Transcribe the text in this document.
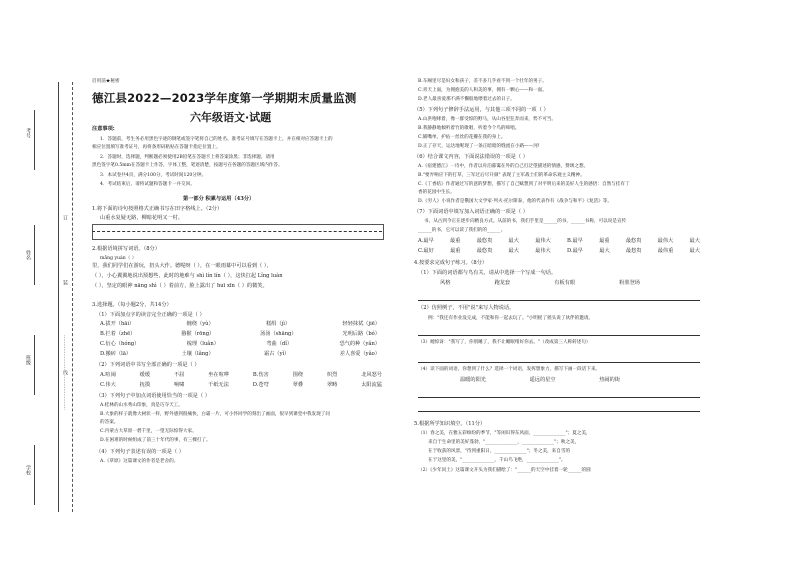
考号
姓名
班级
学校
订
装
…………………线…………………
启用前★秘密
德江县2022—2023学年度第一学期期末质量监测
六年级语文·试题
注意事项:
1．答题前，考生务必用黑色字迹的钢笔或签字笔将自己的姓名、准考证号填写在答题卡上，并在相对应答题卡上的
相应位置填写准考证号，再将条形码粘贴在答题卡指定位置上。
2．答题时，选择题，判断题必须使用2B铅笔在答题卡上将答案涂黑；非选择题，请用
黑色签字笔0.5mm在答题卡上作答，字体工整，笔迹清楚，按题号在各题的答题区域内作答。
3．本试卷共4页，满分100分，考试时间120分钟。
4．考试结束后，请将试题和答题卡一并交回。
第一部分 积累与运用（43分）
1.将下面的诗句按照格式正确书写在田字格线上。（2分）
山重水复疑无路，柳暗花明又一村。
2.根据语境拼写词语。（8分）
mǎng yuán（ ）
里，我们同学们在游玩，扭头大作。德呢呀（ ），在一眼雨幕中可以看到（ ），
（ ），小心翼翼地说出预想些，此时的地难与 shì lín lín（ ），这快扛起 Lǐng luàn
（ ），坚定的眼神 nāng shì（ ）着前方，脸上露出了 huī xīn（ ）的微笑。
3.选择题。（每小题2分，共14分）
（1）下面加点字的读音完全正确的一项是（ ）
A.拔开（hāi）	缠绕（yù）	糕绢（jì）	轻轻抹拭（jiē）
B.拦着（zhē）	猕猴（rōng）	汤汤（shāng）	光明后路（bó）
C.衍心（hóng）	梳理（luǎn）	弯曲（dǐ）	恐气的种（yǎn）
D.搬砖（lā）	土壤（lǎng）	霜古（yǐ）	差人喜爱（yǎo）
（2）下列词语中书写全部正确的一项是（ ）
A.喧闹	缓缓	不屈	坐在喧哗	B.伤害	围绕	炽烈	北风怒号
C.伟大	抚摸	响啸	千纸无法	D.苍穹	翠叠	翠畴	太阳流猛
（3）下列句子中加点词语使用恰当的一项是（ ）
A.桂林的山水秀山印象，真是巧夺天工。
B.大象的样子就像大树状一样，野外感到很痛快，白霜一片，可小怀同学的刻出了画面，很早到课堂中我发现了问
的答案。
C.内蒙古大草原一碧千里，一望无际惊得大家。
D.在困难的时候组成了前三十年代的事，有三棵打了。
（4）下列句子表述有误的一项是（ ）
A.《草原》这篇课文的作者是老舍的。
B.车厢里尽是妇女和孩子，差不多几乎看不到一个壮年的男子。
C.青天上面，为拥抱美的人和美的事，拥有一颗心——和一面。
D.老人最喜爱那不满不懈般地喂着过去的日子。
（5）下列句子修辞手法运用，与其他三项不同的一项（ ）
A.山洪咆哮着，像一群受惊的野马，从山谷里狂奔而来，势不可当。
B.我静静地倾听着竹的歌唱，听着今个鸟的啼唱。
C.铺嘴单，护佑一丝丝的花瓣在我的身上。
D.正了存天，运达地呢现了一条正暗暗的缝流在小路——河!
（6）结合课文内容，下面说法错误的一项是（ ）
A.《宿建德江》一诗中，作者以舟泊暮霭在外的自己打泛望描述的情感，赞颂之想。
B."要弄响应下的打草，三军过后尽开颜" 表现了主军战士们的革命乐观主义精神。
C.《丁香结》作者通过写的意的梦想，描写了自己赋想到了对平明后来的美好人生的感悟：自然与挂有丁
香的花园中生长。
D.《穷人》小说作者是俄国大文学家·列夫·托尔斯泰，他的代表作有《战争与和平》《复活》等。
（7）下面词语中填写加入词语正确的一项是（ ）
书，从古到今正在逐步向精良方式。从前的书，我们手里是______的书，______书称，可以说是宣传
______的书，它可以读了我们的的______。
A.最早	最重	最悠贵	最大	最伟大	B.最早	最重	最悠贵	最伟大	最大
C.最好	最重	最悠贵	最大	最伟大	D.最早	最大	最悠贵	最伟重	最大
4.按要求完成句子练习。（8分）
（1）下面的词语都与鸟有关，请从中选择一个写成一句话。
风格	跑龙套	有板有眼	粉墨登场
（2）仿照例子，不用"说"来写人物说话。
例："我还有作业没完成，不能和你一起去玩了。"小明摇了摇头说了伙伴的邀请。
（3）她惊讶："我写了，你别睡了，我不让睡眠绪好你去。"（改成第三人称转述句）
（4）读下面的词语，你想到了什么？选择一个词语，发挥想象力，描写下画一段话下来。
温暖的阳光	遥远的星空	热闹的街
5.根据所学知识填空。（11分）
（1）春之美，在雅五彩缤纷的季节，"等闲识得东风面，______________"；夏之美，
来自于生命里的美好蓬勃，"______________，______________"；秋之美，
在于收获的风景，"待到重阳日，______________"；冬之美，来自雪的
在于这里的美，"______________，千山鸟飞绝，______________"。
（2）《少年闰土》这篇课文开头为我们描绘了："______的天空中挂着一轮______的圆
